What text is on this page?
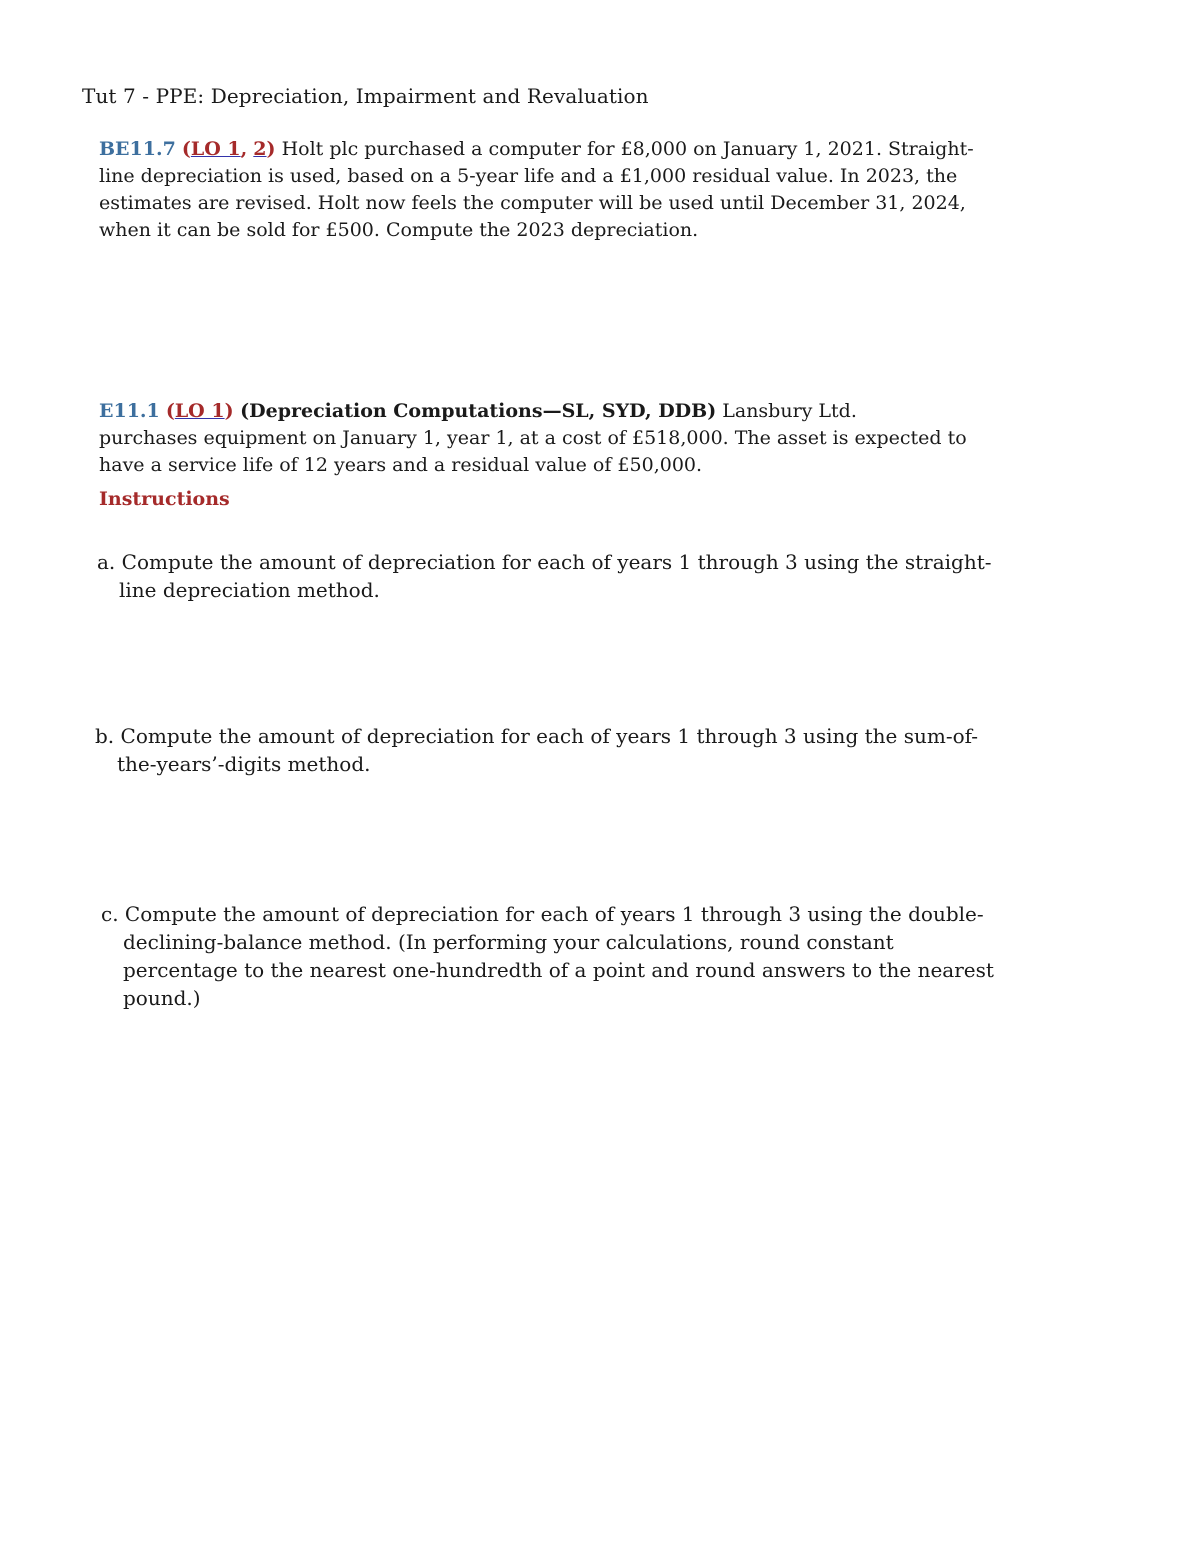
Tut 7 - PPE: Depreciation, Impairment and Revaluation
BE11.7 (LO 1, 2) Holt plc purchased a computer for £8,000 on January 1, 2021. Straight-
line depreciation is used, based on a 5-year life and a £1,000 residual value. In 2023, the
estimates are revised. Holt now feels the computer will be used until December 31, 2024,
when it can be sold for £500. Compute the 2023 depreciation.
E11.1 (LO 1) (Depreciation Computations—SL, SYD, DDB) Lansbury Ltd.
purchases equipment on January 1, year 1, at a cost of £518,000. The asset is expected to
have a service life of 12 years and a residual value of £50,000.
Instructions
a. Compute the amount of depreciation for each of years 1 through 3 using the straight-
line depreciation method.
b. Compute the amount of depreciation for each of years 1 through 3 using the sum-of-
the-years’-digits method.
c. Compute the amount of depreciation for each of years 1 through 3 using the double-
declining-balance method. (In performing your calculations, round constant
percentage to the nearest one-hundredth of a point and round answers to the nearest
pound.)
